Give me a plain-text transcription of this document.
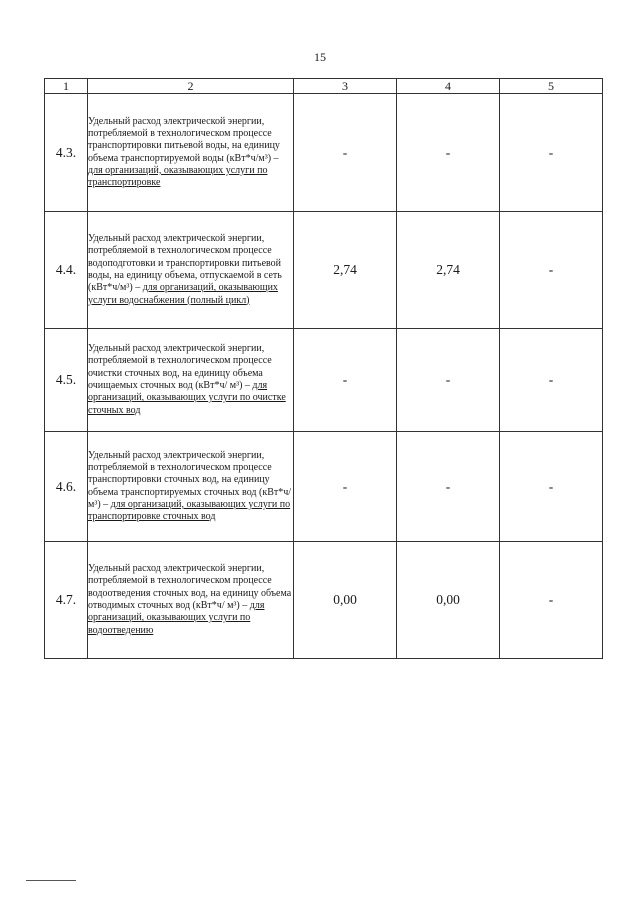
15
1	2	3	4	5
4.3.	Удельный расход электрической энергии, потребляемой в технологическом процессе транспортировки питьевой воды, на единицу объема транспортируемой воды (кВт*ч/м³) – для организаций, оказывающих услуги по транспортировке	-	-	-
4.4.	Удельный расход электрической энергии, потребляемой в технологическом процессе водоподготовки и транспортировки питьевой воды, на единицу объема, отпускаемой в сеть (кВт*ч/м³) – для организаций, оказывающих услуги водоснабжения (полный цикл)	2,74	2,74	-
4.5.	Удельный расход электрической энергии, потребляемой в технологическом процессе очистки сточных вод, на единицу объема очищаемых сточных вод (кВт*ч/ м³) – для организаций, оказывающих услуги по очистке сточных вод	-	-	-
4.6.	Удельный расход электрической энергии, потребляемой в технологическом процессе транспортировки сточных вод, на единицу объема транспортируемых сточных вод (кВт*ч/ м³) – для организаций, оказывающих услуги по транспортировке сточных вод	-	-	-
4.7.	Удельный расход электрической энергии, потребляемой в технологическом процессе водоотведения сточных вод, на единицу объема отводимых сточных вод (кВт*ч/ м³) – для организаций, оказывающих услуги по водоотведению	0,00	0,00	-
